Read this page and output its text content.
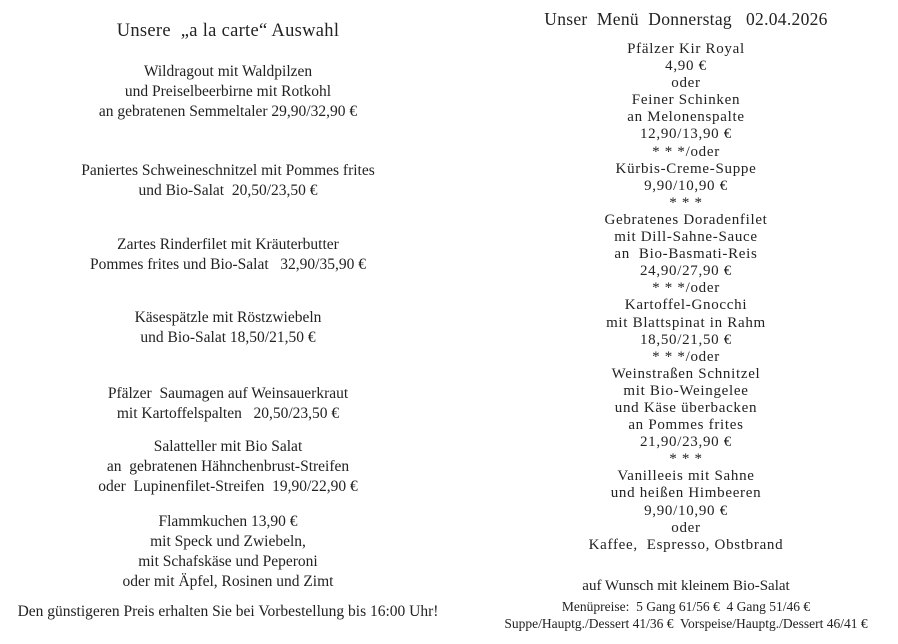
Unsere  „a la carte“ Auswahl
Wildragout mit Waldpilzen
und Preiselbeerbirne mit Rotkohl
an gebratenen Semmeltaler 29,90/32,90 €
Paniertes Schweineschnitzel mit Pommes frites
und Bio-Salat  20,50/23,50 €
Zartes Rinderfilet mit Kräuterbutter
Pommes frites und Bio-Salat   32,90/35,90 €
Käsespätzle mit Röstzwiebeln
und Bio-Salat 18,50/21,50 €
Pfälzer  Saumagen auf Weinsauerkraut
mit Kartoffelspalten   20,50/23,50 €
Salatteller mit Bio Salat
an  gebratenen Hähnchenbrust-Streifen
oder  Lupinenfilet-Streifen  19,90/22,90 €
Flammkuchen 13,90 €
mit Speck und Zwiebeln,
mit Schafskäse und Peperoni
oder mit Äpfel, Rosinen und Zimt
Den günstigeren Preis erhalten Sie bei Vorbestellung bis 16:00 Uhr!
Unser  Menü  Donnerstag   02.04.2026
Pfälzer Kir Royal
4,90 €
oder
Feiner Schinken
an Melonenspalte
12,90/13,90 €
* * */oder
Kürbis-Creme-Suppe
9,90/10,90 €
* * *
Gebratenes Doradenfilet
mit Dill-Sahne-Sauce
an  Bio-Basmati-Reis
24,90/27,90 €
* * */oder
Kartoffel-Gnocchi
mit Blattspinat in Rahm
18,50/21,50 €
* * */oder
Weinstraßen Schnitzel
mit Bio-Weingelee
und Käse überbacken
an Pommes frites
21,90/23,90 €
* * *
Vanilleeis mit Sahne
und heißen Himbeeren
9,90/10,90 €
oder
Kaffee,  Espresso, Obstbrand
auf Wunsch mit kleinem Bio-Salat
Menüpreise:  5 Gang 61/56 €  4 Gang 51/46 €
Suppe/Hauptg./Dessert 41/36 €  Vorspeise/Hauptg./Dessert 46/41 €
